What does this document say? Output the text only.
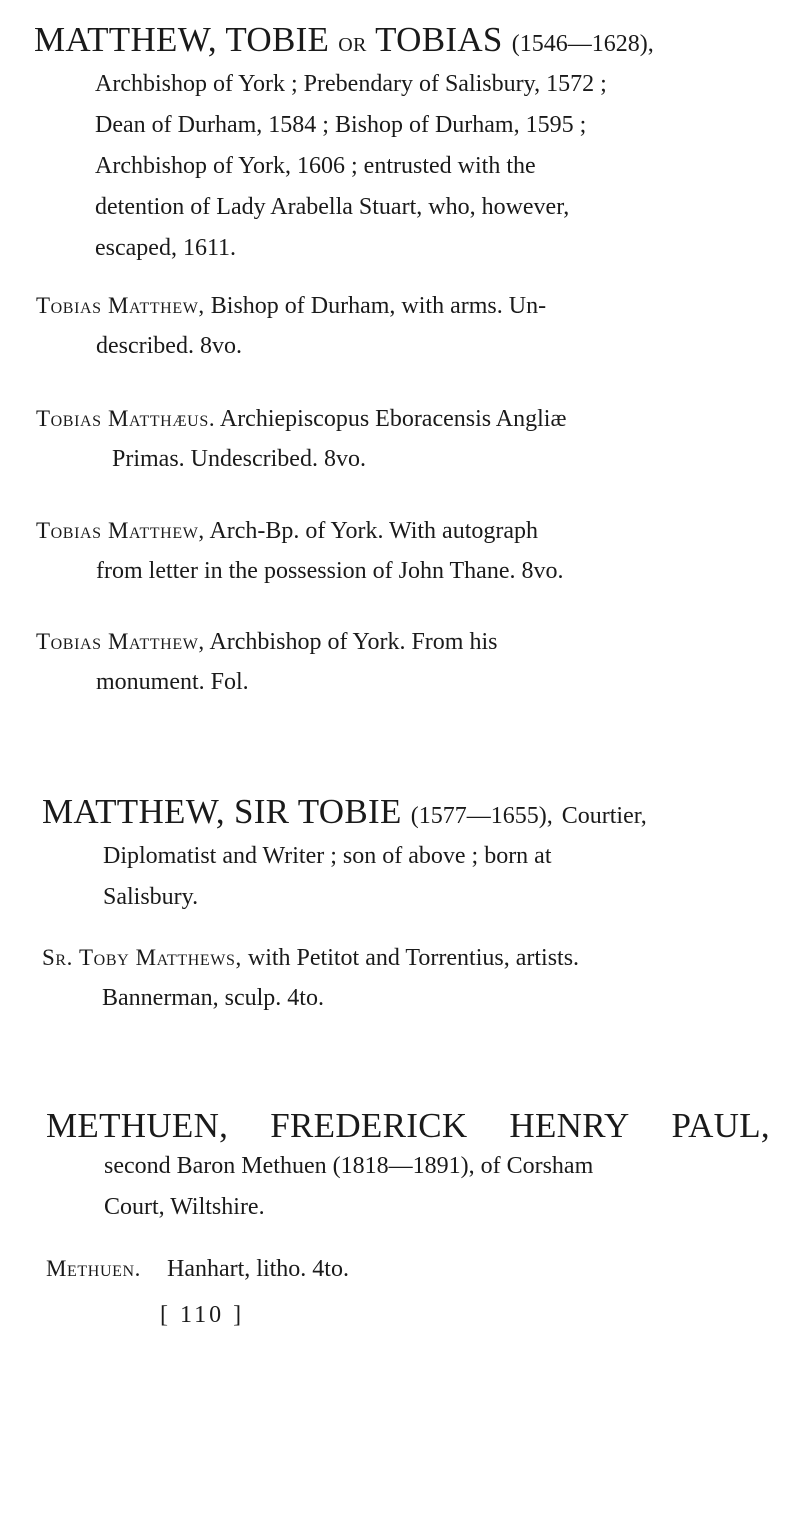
MATTHEW, TOBIE or TOBIAS (1546—1628),
Archbishop of York ; Prebendary of Salisbury, 1572 ;
Dean of Durham, 1584 ; Bishop of Durham, 1595 ;
Archbishop of York, 1606 ; entrusted with the
detention of Lady Arabella Stuart, who, however,
escaped, 1611.
Tobias Matthew, Bishop of Durham, with arms. Un-
described. 8vo.
Tobias Matthæus. Archiepiscopus Eboracensis Angliæ
Primas. Undescribed. 8vo.
Tobias Matthew, Arch-Bp. of York. With autograph
from letter in the possession of John Thane. 8vo.
Tobias Matthew, Archbishop of York. From his
monument. Fol.
MATTHEW, SIR TOBIE (1577—1655), Courtier,
Diplomatist and Writer ; son of above ; born at
Salisbury.
Sr. Toby Matthews, with Petitot and Torrentius, artists.
Bannerman, sculp. 4to.
METHUEN, FREDERICK HENRY PAUL,
second Baron Methuen (1818—1891), of Corsham
Court, Wiltshire.
Methuen. Hanhart, litho. 4to.
[ 110 ]
